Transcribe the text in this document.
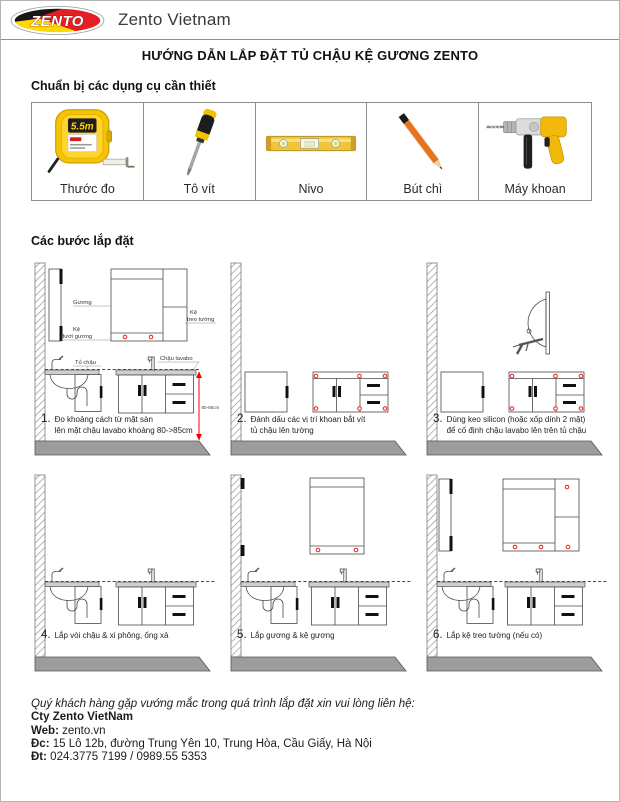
ZENTO Zento Vietnam
HƯỚNG DẪN LẮP ĐẶT TỦ CHẬU KỆ GƯƠNG ZENTO
Chuẩn bị các dụng cụ cần thiết
5.5m
Thước đo	Tô vít	Nivo	Bút chì	Máy khoan
Các bước lắp đặt
Gương
Kệ
treo tường
Kệ
dưới gương
Tủ chậu
Chậu lavabo
80-85cm
1. Đo khoảng cách từ mặt sàn
lên mặt chậu lavabo khoảng 80->85cm
2. Đánh dấu các vị trí khoan bắt vít
tủ chậu lên tường
3. Dùng keo silicon (hoặc xốp dính 2 mặt)
để cố định chậu lavabo lên trên tủ chậu
4. Lắp vòi chậu & xi phông, ống xả	5. Lắp gương & kệ gương	6. Lắp kệ treo tường (nếu có)
Quý khách hàng gặp vướng mắc trong quá trình lắp đặt xin vui lòng liên hệ:
Cty Zento VietNam
Web: zento.vn
Đc: 15 Lô 12b, đường Trung Yên 10, Trung Hòa, Cầu Giấy, Hà Nội
Đt: 024.3775 7199 / 0989.55 5353
